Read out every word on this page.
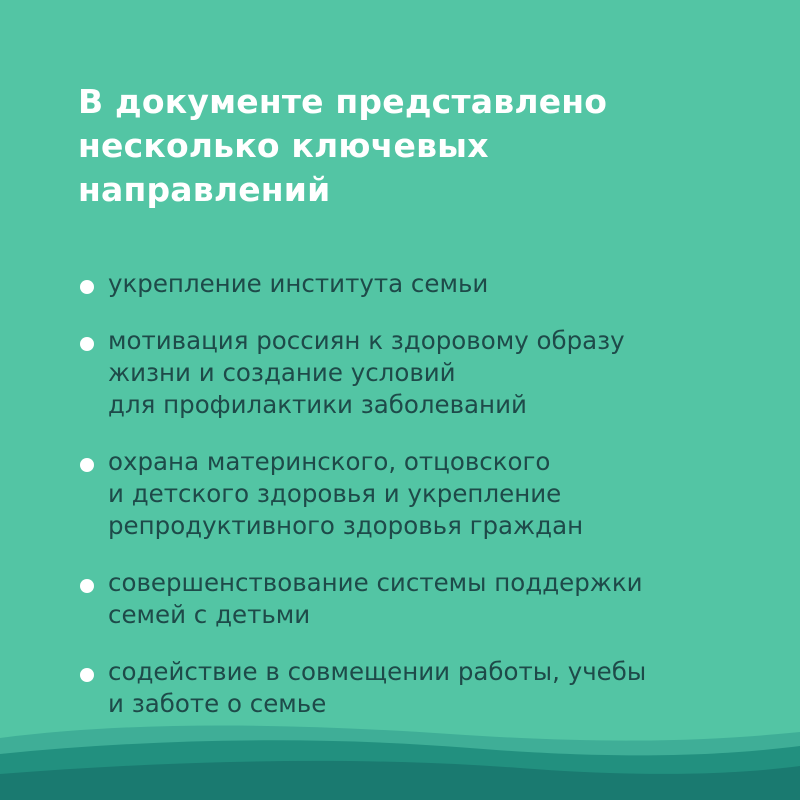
В документе представлено
несколько ключевых
направлений
укрепление института семьи
мотивация россиян к здоровому образу
жизни и создание условий
для профилактики заболеваний
охрана материнского, отцовского
и детского здоровья и укрепление
репродуктивного здоровья граждан
совершенствование системы поддержки
семей с детьми
содействие в совмещении работы, учебы
и заботе о семье
